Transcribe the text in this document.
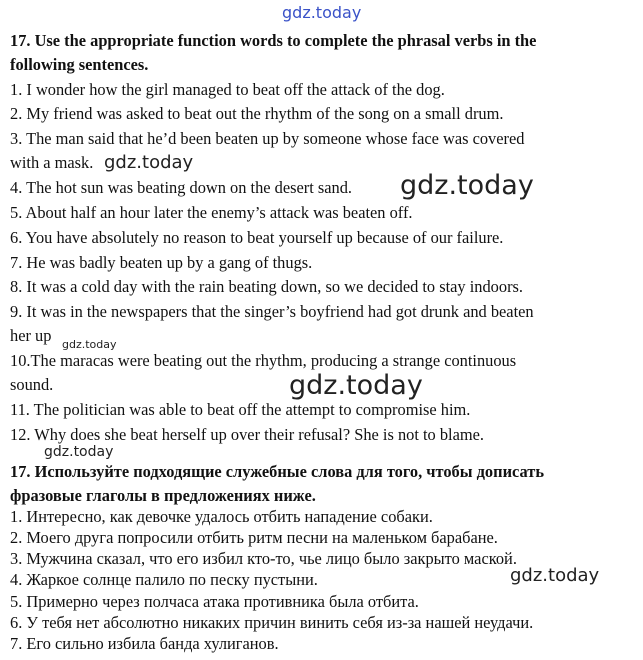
gdz.today
17. Use the appropriate function words to complete the phrasal verbs in the
following sentences.
1. I wonder how the girl managed to beat off the attack of the dog.
2. My friend was asked to beat out the rhythm of the song on a small drum.
3. The man said that he’d been beaten up by someone whose face was covered
with a mask. gdz.today
4. The hot sun was beating down on the desert sand. gdz.today
5. About half an hour later the enemy’s attack was beaten off.
6. You have absolutely no reason to beat yourself up because of our failure.
7. He was badly beaten up by a gang of thugs.
8. It was a cold day with the rain beating down, so we decided to stay indoors.
9. It was in the newspapers that the singer’s boyfriend had got drunk and beaten
her up gdz.today
10.The maracas were beating out the rhythm, producing a strange continuous
sound.	gdz.today
11. The politician was able to beat off the attempt to compromise him.
12. Why does she beat herself up over their refusal? She is not to blame.
gdz.today
17. Используйте подходящие служебные слова для того, чтобы дописать
фразовые глаголы в предложениях ниже.
1. Интересно, как девочке удалось отбить нападение собаки.
2. Моего друга попросили отбить ритм песни на маленьком барабане.
3. Мужчина сказал, что его избил кто-то, чье лицо было закрыто маской.
4. Жаркое солнце палило по песку пустыни.	gdz.today
5. Примерно через полчаса атака противника была отбита.
6. У тебя нет абсолютно никаких причин винить себя из-за нашей неудачи.
7. Его сильно избила банда хулиганов.
